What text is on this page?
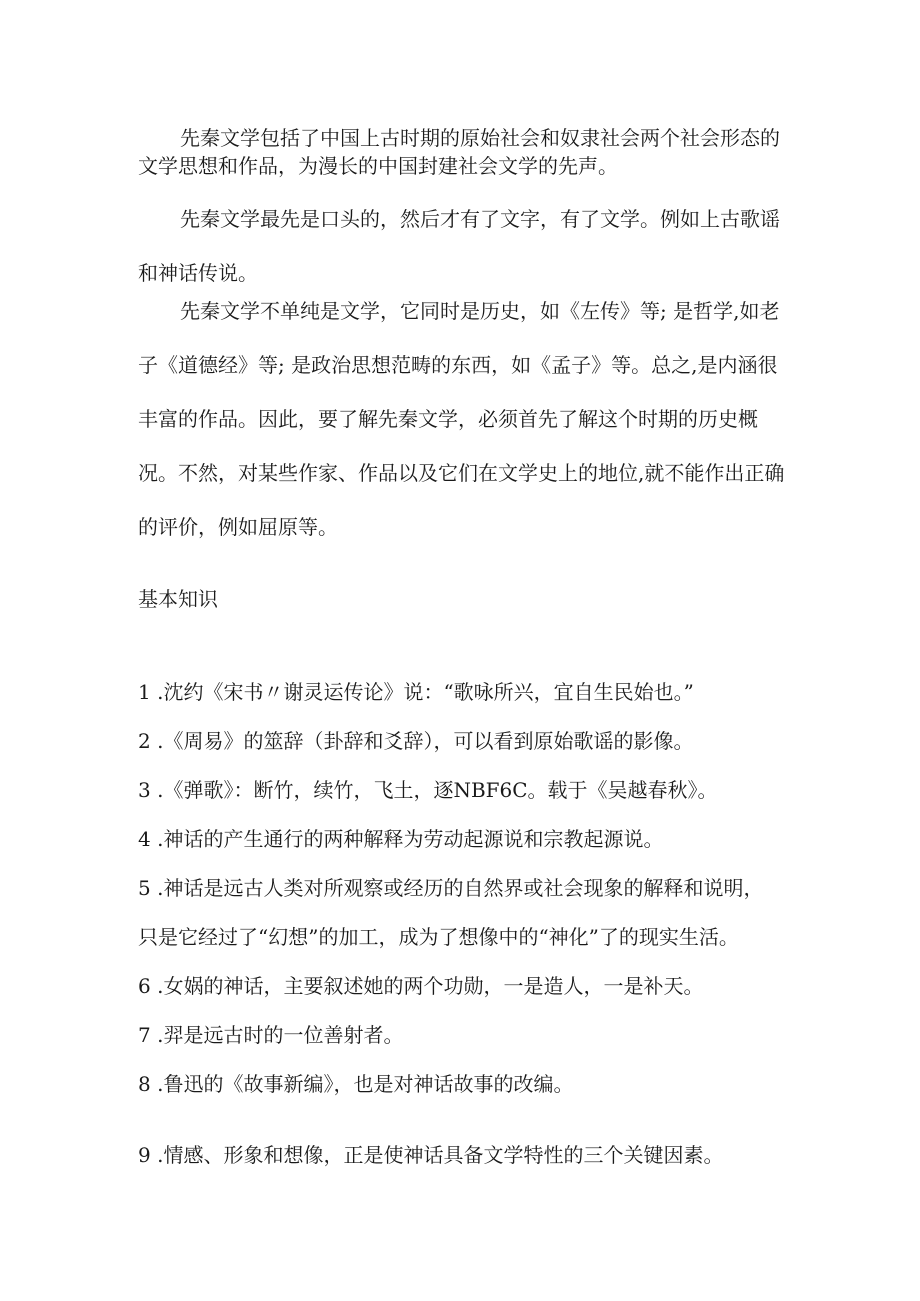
先秦文学包括了中国上古时期的原始社会和奴隶社会两个社会形态的文学思想和作品，为漫长的中国封建社会文学的先声。

先秦文学最先是口头的，然后才有了文字，有了文学。例如上古歌谣和神话传说。

先秦文学不单纯是文学，它同时是历史，如《左传》等; 是哲学,如老子《道德经》等; 是政治思想范畴的东西，如《孟子》等。总之,是内涵很丰富的作品。因此，要了解先秦文学，必须首先了解这个时期的历史概况。不然，对某些作家、作品以及它们在文学史上的地位,就不能作出正确的评价，例如屈原等。

基本知识

1 .沈约《宋书〃谢灵运传论》说：“歌咏所兴，宜自生民始也。”

2 .《周易》的筮辞（卦辞和爻辞），可以看到原始歌谣的影像。

3 .《弹歌》：断竹，续竹，飞土，逐NBF6C。载于《吴越春秋》。

4 .神话的产生通行的两种解释为劳动起源说和宗教起源说。

5 .神话是远古人类对所观察或经历的自然界或社会现象的解释和说明，

只是它经过了“幻想”的加工，成为了想像中的“神化”了的现实生活。

6 .女娲的神话，主要叙述她的两个功勋，一是造人，一是补天。

7 .羿是远古时的一位善射者。

8 .鲁迅的《故事新编》，也是对神话故事的改编。

9 .情感、形象和想像，正是使神话具备文学特性的三个关键因素。
